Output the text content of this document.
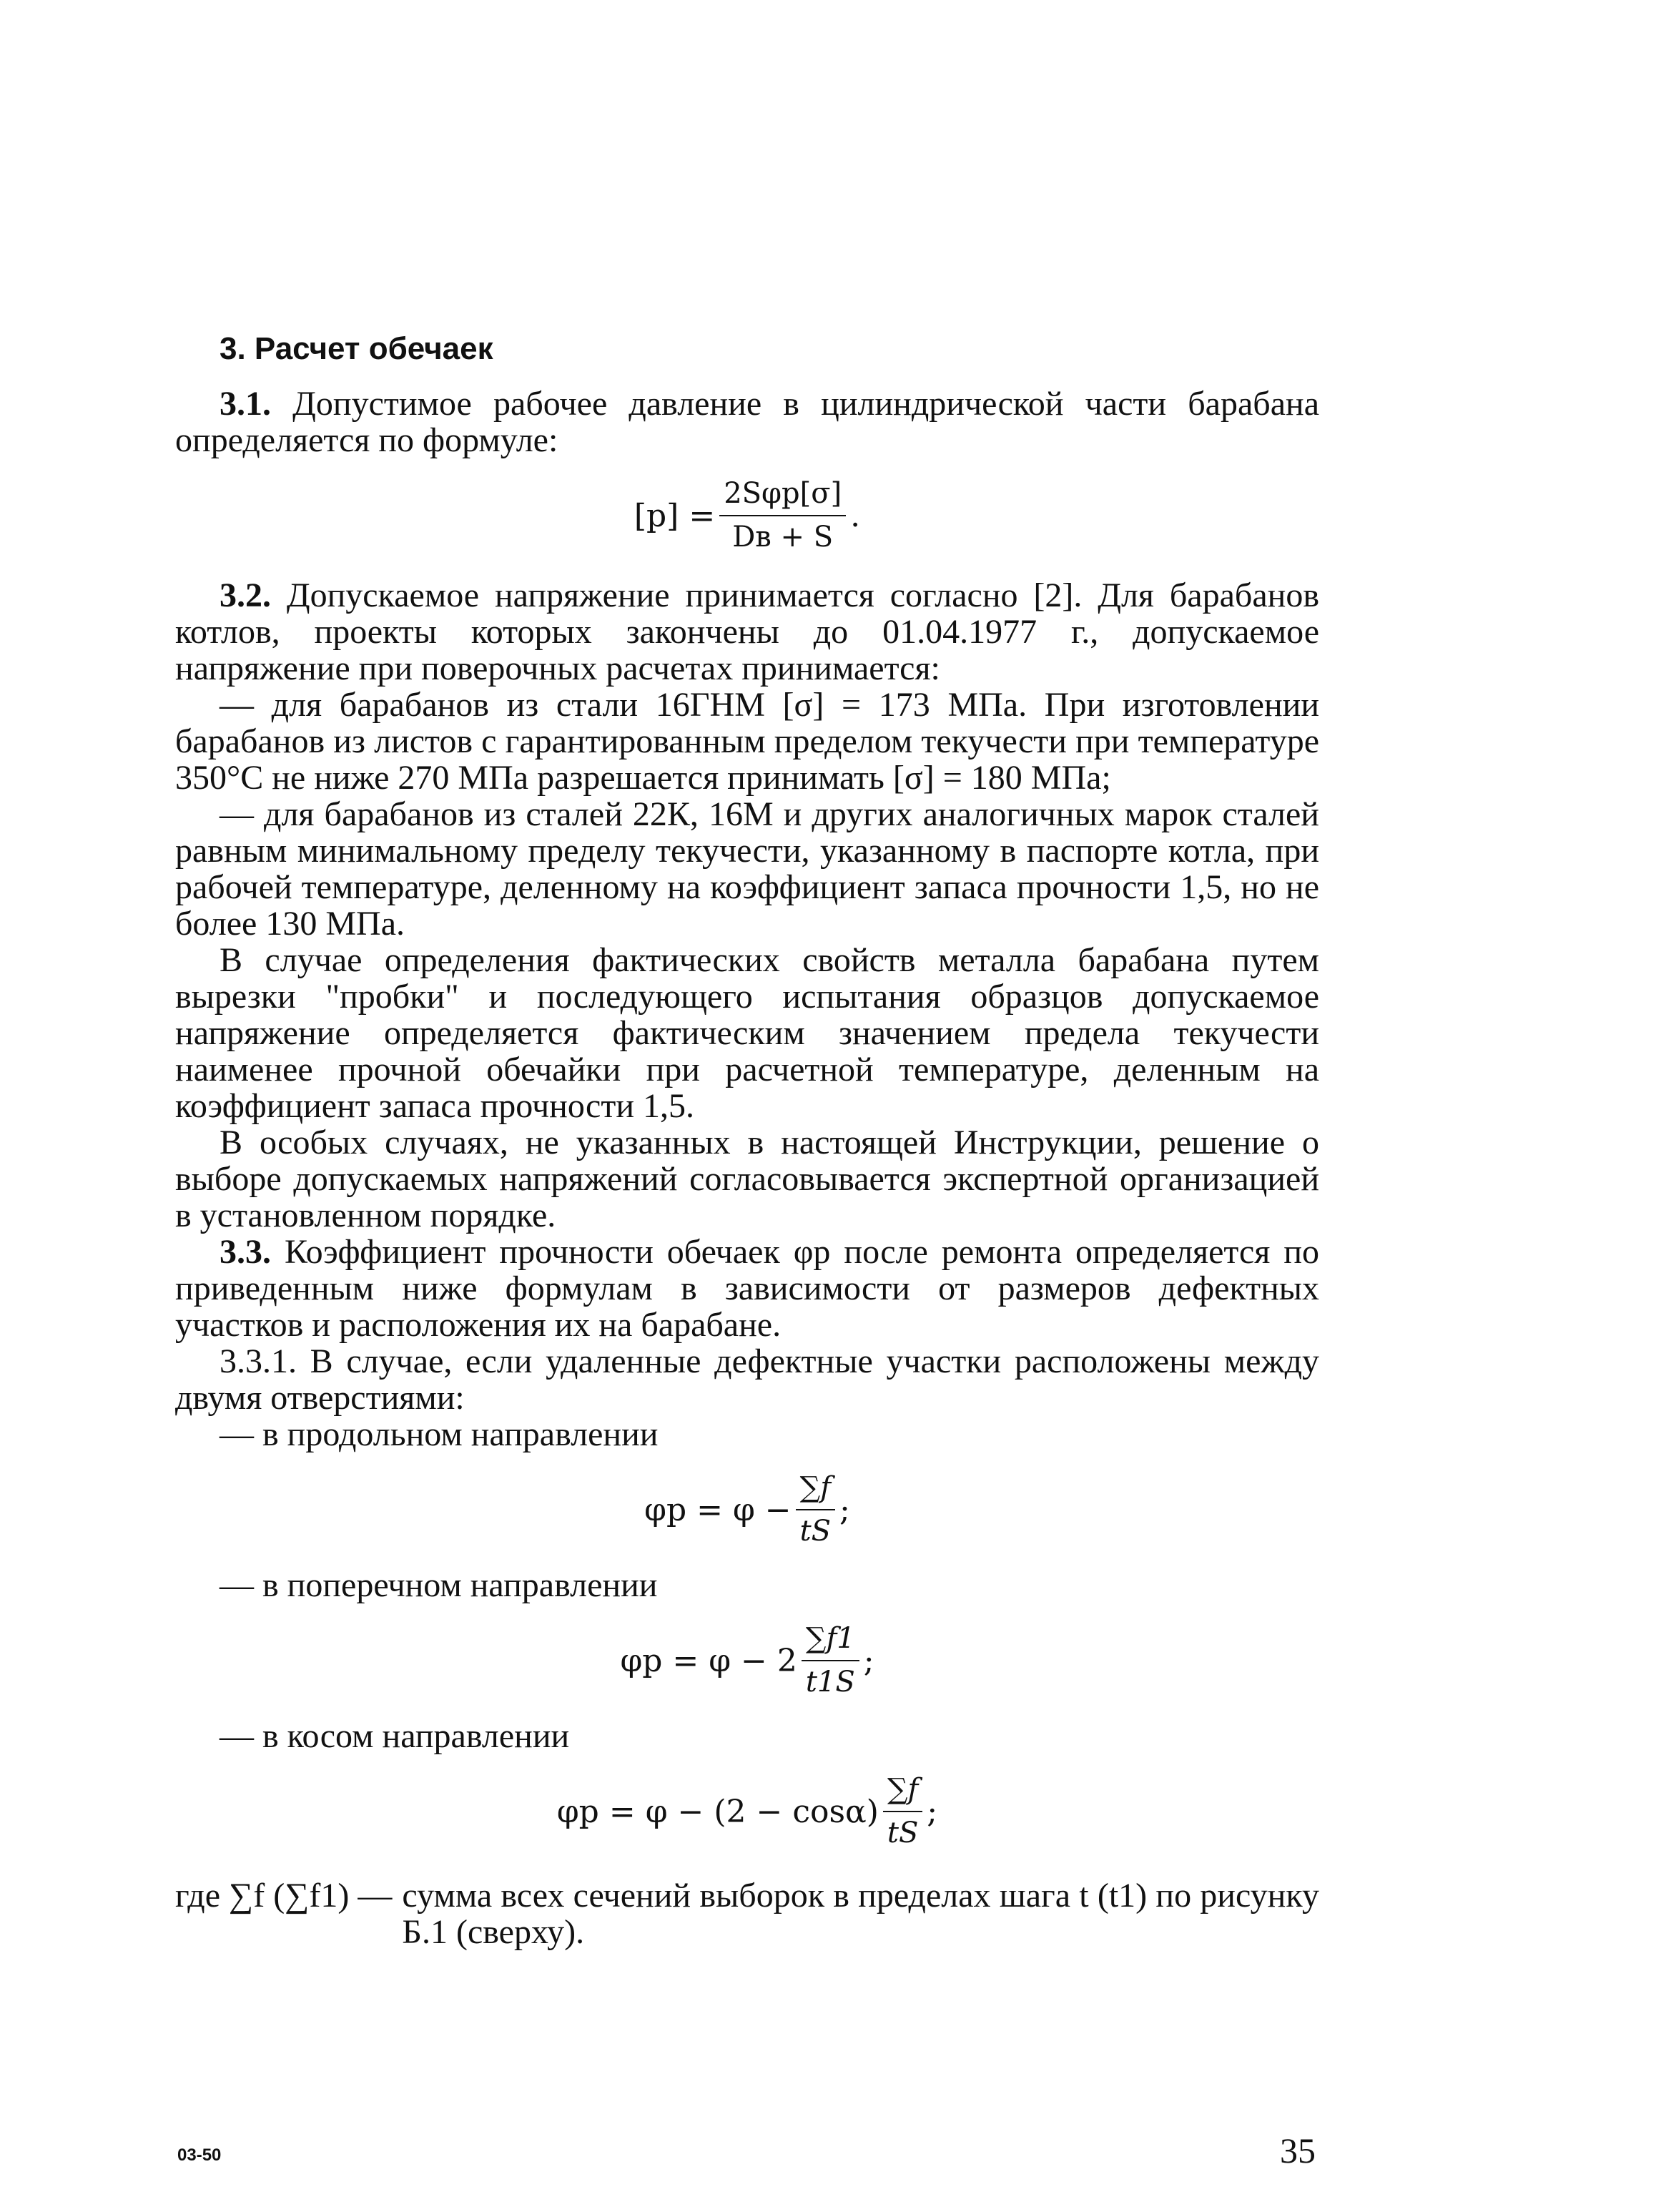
3. Расчет обечаек

3.1. Допустимое рабочее давление в цилиндрической части барабана определяется по формуле:

$[p] = \frac{\text{2Sφр[σ]}}{Dв + S}$ .

3.2. Допускаемое напряжение принимается согласно [2]. Для барабанов котлов, проекты которых закончены до 01.04.1977 г., допускаемое напряжение при поверочных расчетах принимается:

— для барабанов из стали 16ГНМ [σ] = 173 МПа. При изготовлении барабанов из листов с гарантированным пределом текучести при температуре 350°С не ниже 270 МПа разрешается принимать [σ] = 180 МПа;

— для барабанов из сталей 22К, 16М и других аналогичных марок сталей равным минимальному пределу текучести, указанному в паспорте котла, при рабочей температуре, деленному на коэффициент запаса прочности 1,5, но не более 130 МПа.

В случае определения фактических свойств металла барабана путем вырезки "пробки" и последующего испытания образцов допускаемое напряжение определяется фактическим значением предела текучести наименее прочной обечайки при расчетной температуре, деленным на коэффициент запаса прочности 1,5.

В особых случаях, не указанных в настоящей Инструкции, решение о выборе допускаемых напряжений согласовывается экспертной организацией в установленном порядке.

3.3. Коэффициент прочности обечаек φр после ремонта определяется по приведенным ниже формулам в зависимости от размеров дефектных участков и расположения их на барабане.

3.3.1. В случае, если удаленные дефектные участки расположены между двумя отверстиями:

— в продольном направлении

$\varphi р = \varphi - \frac{\sum f}{tS}$ ;

— в поперечном направлении

$\varphi р = \varphi - 2 \frac{\sum f1}{t1S}$ ;

— в косом направлении

$\varphi р = \varphi - (2 - \cos\alpha) \frac{\sum f}{tS}$ ;
где ∑f (∑f1) — сумма всех сечений выборок в пределах шага t (t1) по рисунку Б.1 (сверху).
03-50	35
